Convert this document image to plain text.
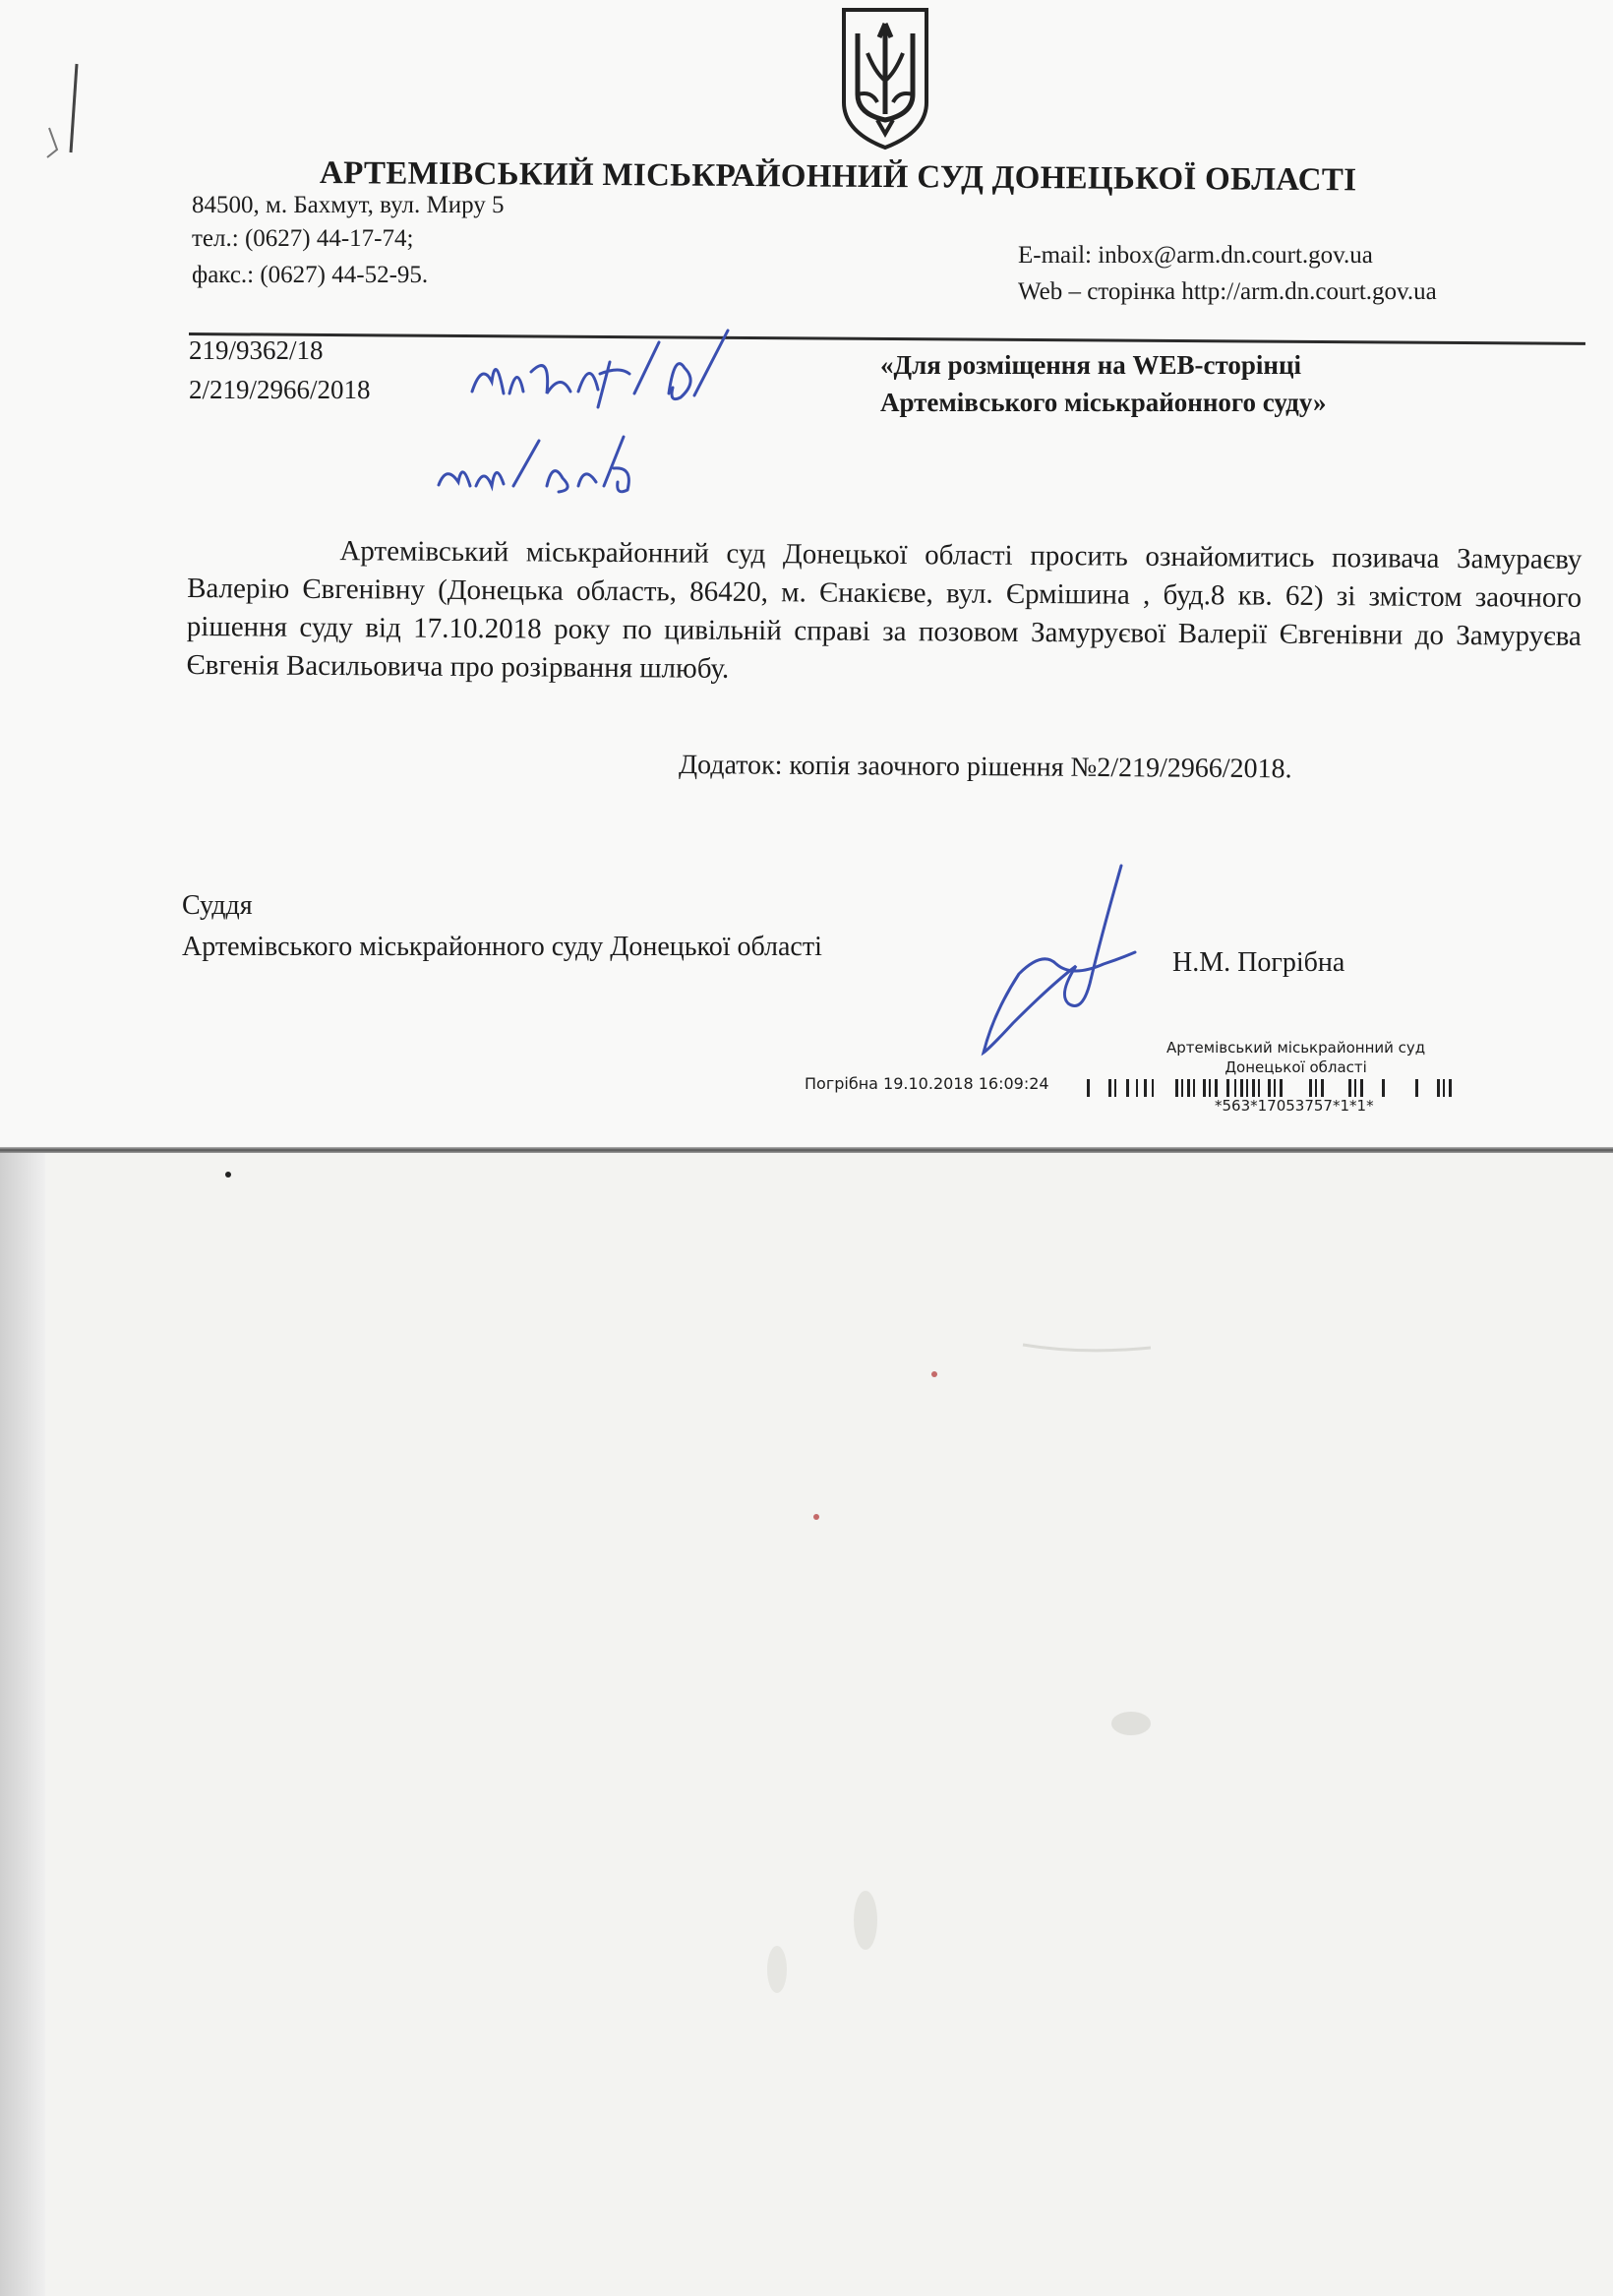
АРТЕМІВСЬКИЙ МІСЬКРАЙОННИЙ СУД ДОНЕЦЬКОЇ ОБЛАСТІ
84500, м. Бахмут, вул. Миру 5
тел.: (0627) 44-17-74;
факс.: (0627) 44-52-95.
E-mail: inbox@arm.dn.court.gov.ua
Web – сторінка http://arm.dn.court.gov.ua
219/9362/18
2/219/2966/2018
«Для розміщення на WEB-сторінці
Артемівського міськрайонного суду»

Артемівський міськрайонний суд Донецької області просить ознайомитись позивача Замураєву Валерію Євгенівну (Донецька область, 86420, м. Єнакієве, вул. Єрмішина , буд.8 кв. 62) зі змістом заочного рішення суду від 17.10.2018 року по цивільній справі за позовом Замуруєвої Валерії Євгенівни до Замуруєва Євгенія Васильовича про розірвання шлюбу.

Додаток: копія заочного рішення №2/219/2966/2018.
Суддя
Артемівського міськрайонного суду Донецької області
Н.М. Погрібна
Артемівський міськрайонний суд
Донецької області
Погрібна 19.10.2018 16:09:24
*563*17053757*1*1*
